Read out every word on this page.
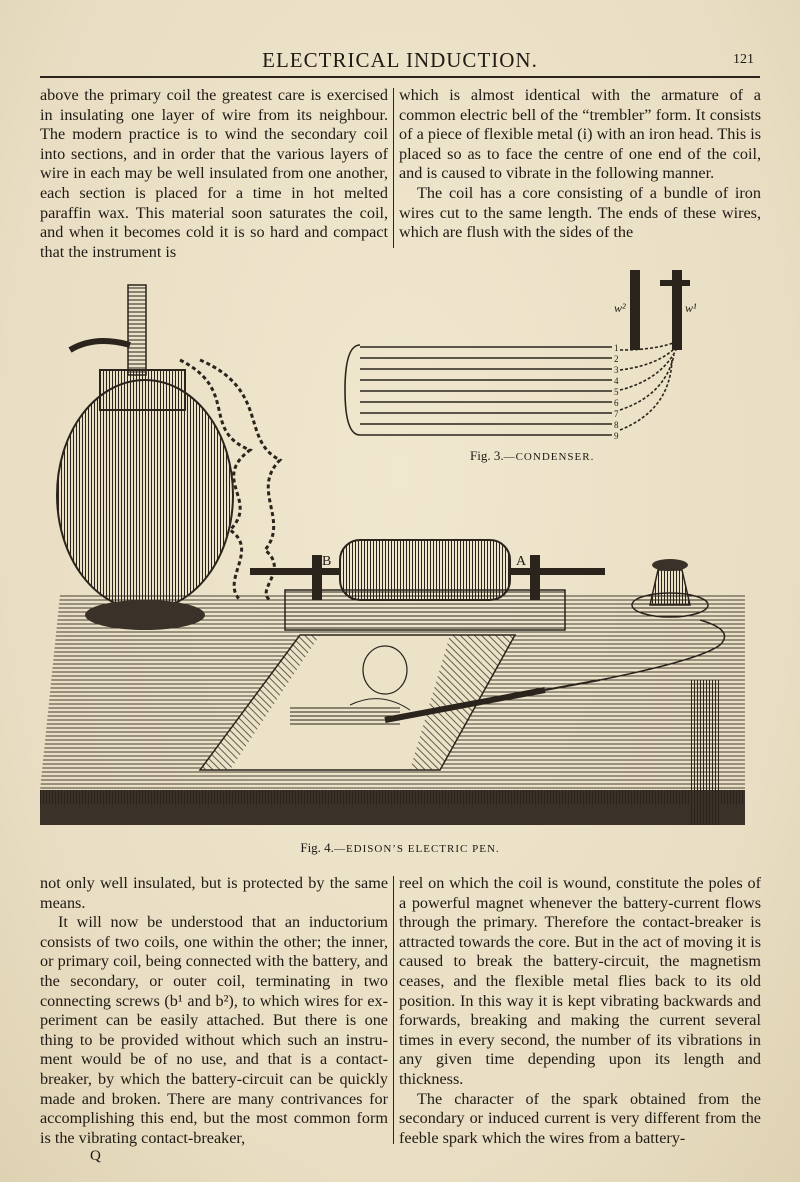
ELECTRICAL INDUCTION.	121

above the primary coil the greatest care is exercised in insulating one layer of wire from its neighbour. The modern practice is to wind the secondary coil into sections, and in order that the various layers of wire in each may be well insulated from one another, each section is placed for a time in hot melted paraffin wax. This material soon saturates the coil, and when it becomes cold it is so hard and compact that the instrument is

which is almost identical with the armature of a common electric bell of the “trembler” form. It consists of a piece of flexible metal (i) with an iron head. This is placed so as to face the centre of one end of the coil, and is caused to vibrate in the following manner.

The coil has a core consisting of a bundle of iron wires cut to the same length. The ends of these wires, which are flush with the sides of the

B	A
w²	w¹
1
2
3
4
5
6
7
8
9
Fig. 3.—CONDENSER.
Fig. 4.—EDISON’S ELECTRIC PEN.

not only well insulated, but is protected by the same means.

It will now be understood that an inductorium consists of two coils, one within the other; the inner, or primary coil, being connected with the battery, and the secondary, or outer coil, terminating in two connecting screws (b¹ and b²), to which wires for experiment can be easily attached. But there is one thing to be provided without which such an instrument would be of no use, and that is a contact-breaker, by which the battery-circuit can be quickly made and broken. There are many contrivances for accomplishing this end, but the most common form is the vibrating contact-breaker,

reel on which the coil is wound, constitute the poles of a powerful magnet whenever the battery-current flows through the primary. Therefore the contact-breaker is attracted towards the core. But in the act of moving it is caused to break the battery-circuit, the magnetism ceases, and the flexible metal flies back to its old position. In this way it is kept vibrating backwards and forwards, breaking and making the current several times in every second, the number of its vibrations in any given time depending upon its length and thickness.

The character of the spark obtained from the secondary or induced current is very different from the feeble spark which the wires from a battery-

Q
